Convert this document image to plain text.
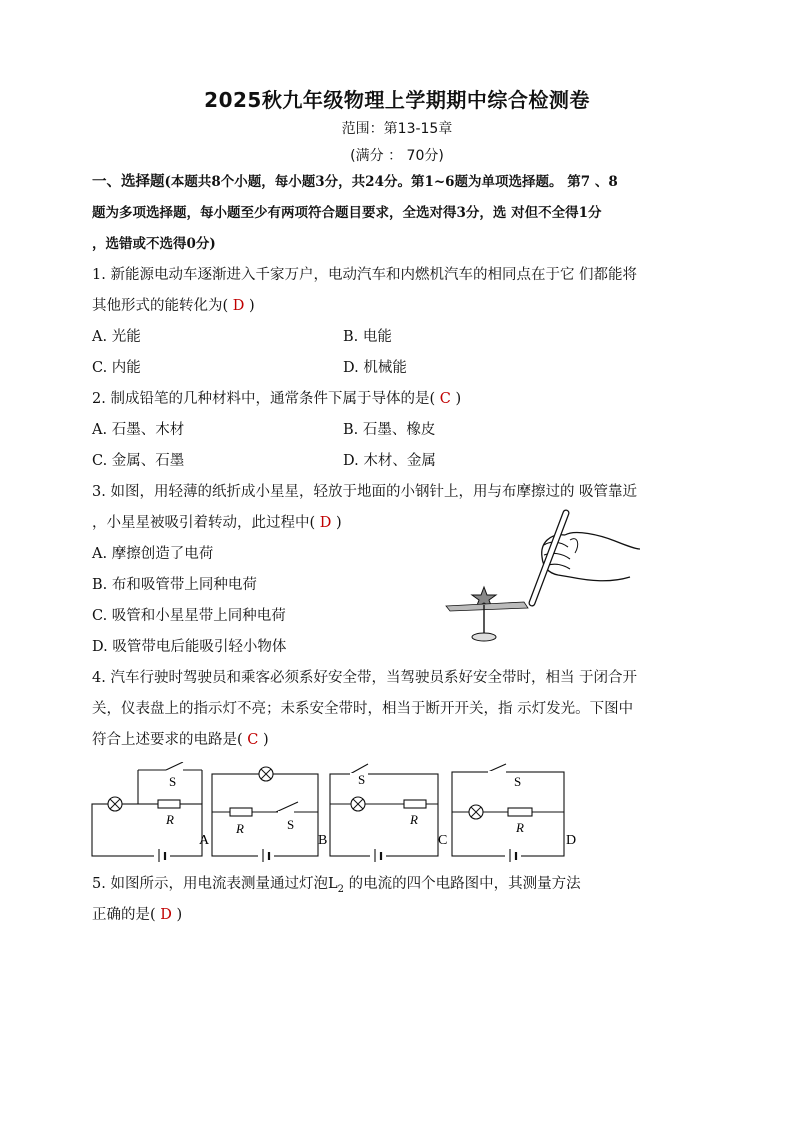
2025秋九年级物理上学期期中综合检测卷
范围：第13-15章
(满分 ： 70分)
一、选择题(本题共8个小题，每小题3分，共24分。第1~6题为单项选择题。 第7 、8
题为多项选择题，每小题至少有两项符合题目要求，全选对得3分，选 对但不全得1分
，选错或不选得0分)
1. 新能源电动车逐渐进入千家万户，电动汽车和内燃机汽车的相同点在于它 们都能将
其他形式的能转化为( D )
A. 光能	B. 电能
C. 内能	D. 机械能
2. 制成铅笔的几种材料中，通常条件下属于导体的是( C )
A. 石墨、木材	B. 石墨、橡皮
C. 金属、石墨	D. 木材、金属
3. 如图，用轻薄的纸折成小星星，轻放于地面的小钢针上，用与布摩擦过的 吸管靠近
，小星星被吸引着转动，此过程中( D )
A. 摩擦创造了电荷
B. 布和吸管带上同种电荷
C. 吸管和小星星带上同种电荷
D. 吸管带电后能吸引轻小物体
4. 汽车行驶时驾驶员和乘客必须系好安全带，当驾驶员系好安全带时，相当 于闭合开
关，仪表盘上的指示灯不亮；未系安全带时，相当于断开开关，指 示灯发光。下图中
符合上述要求的电路是( C )
S
R
A
R	S
B
S
R
C
S
R
D
5. 如图所示，用电流表测量通过灯泡$L_2$ 的电流的四个电路图中，其测量方法
正确的是( D )
